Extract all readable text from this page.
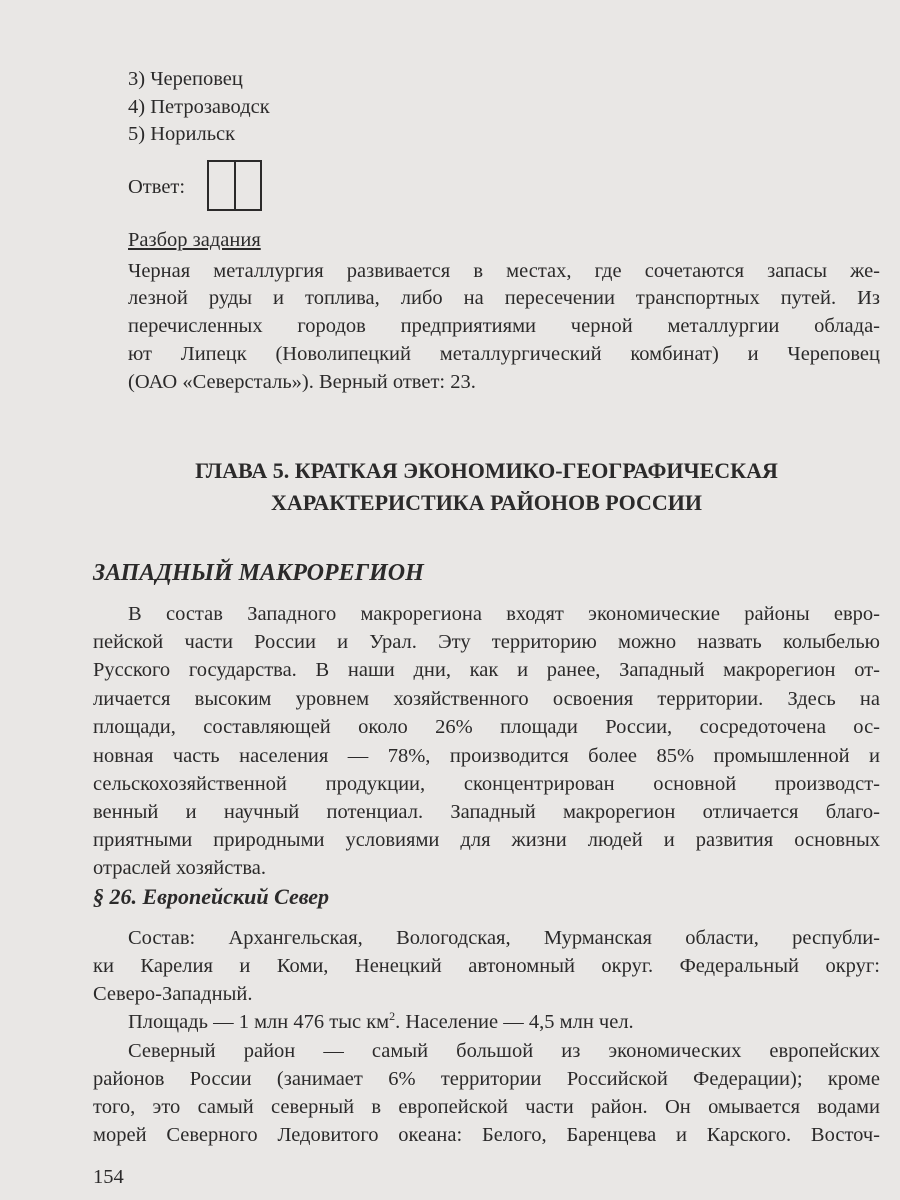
3) Череповец
4) Петрозаводск
5) Норильск
Ответ:
Разбор задания
Черная металлургия развивается в местах, где сочетаются запасы же-
лезной руды и топлива, либо на пересечении транспортных путей. Из
перечисленных городов предприятиями черной металлургии облада-
ют Липецк (Новолипецкий металлургический комбинат) и Череповец
(ОАО «Северсталь»). Верный ответ: 23.
ГЛАВА 5. КРАТКАЯ ЭКОНОМИКО-ГЕОГРАФИЧЕСКАЯ
ХАРАКТЕРИСТИКА РАЙОНОВ РОССИИ
ЗАПАДНЫЙ МАКРОРЕГИОН
В состав Западного макрорегиона входят экономические районы евро-
пейской части России и Урал. Эту территорию можно назвать колыбелью
Русского государства. В наши дни, как и ранее, Западный макрорегион от-
личается высоким уровнем хозяйственного освоения территории. Здесь на
площади, составляющей около 26% площади России, сосредоточена ос-
новная часть населения — 78%, производится более 85% промышленной и
сельскохозяйственной продукции, сконцентрирован основной производст-
венный и научный потенциал. Западный макрорегион отличается благо-
приятными природными условиями для жизни людей и развития основных
отраслей хозяйства.
§ 26. Европейский Север
Состав: Архангельская, Вологодская, Мурманская области, республи-
ки Карелия и Коми, Ненецкий автономный округ. Федеральный округ:
Северо-Западный.
Площадь — 1 млн 476 тыс $км^2$. Население — 4,5 млн чел.
Северный район — самый большой из экономических европейских
районов России (занимает 6% территории Российской Федерации); кроме
того, это самый северный в европейской части район. Он омывается водами
морей Северного Ледовитого океана: Белого, Баренцева и Карского. Восточ-
154
